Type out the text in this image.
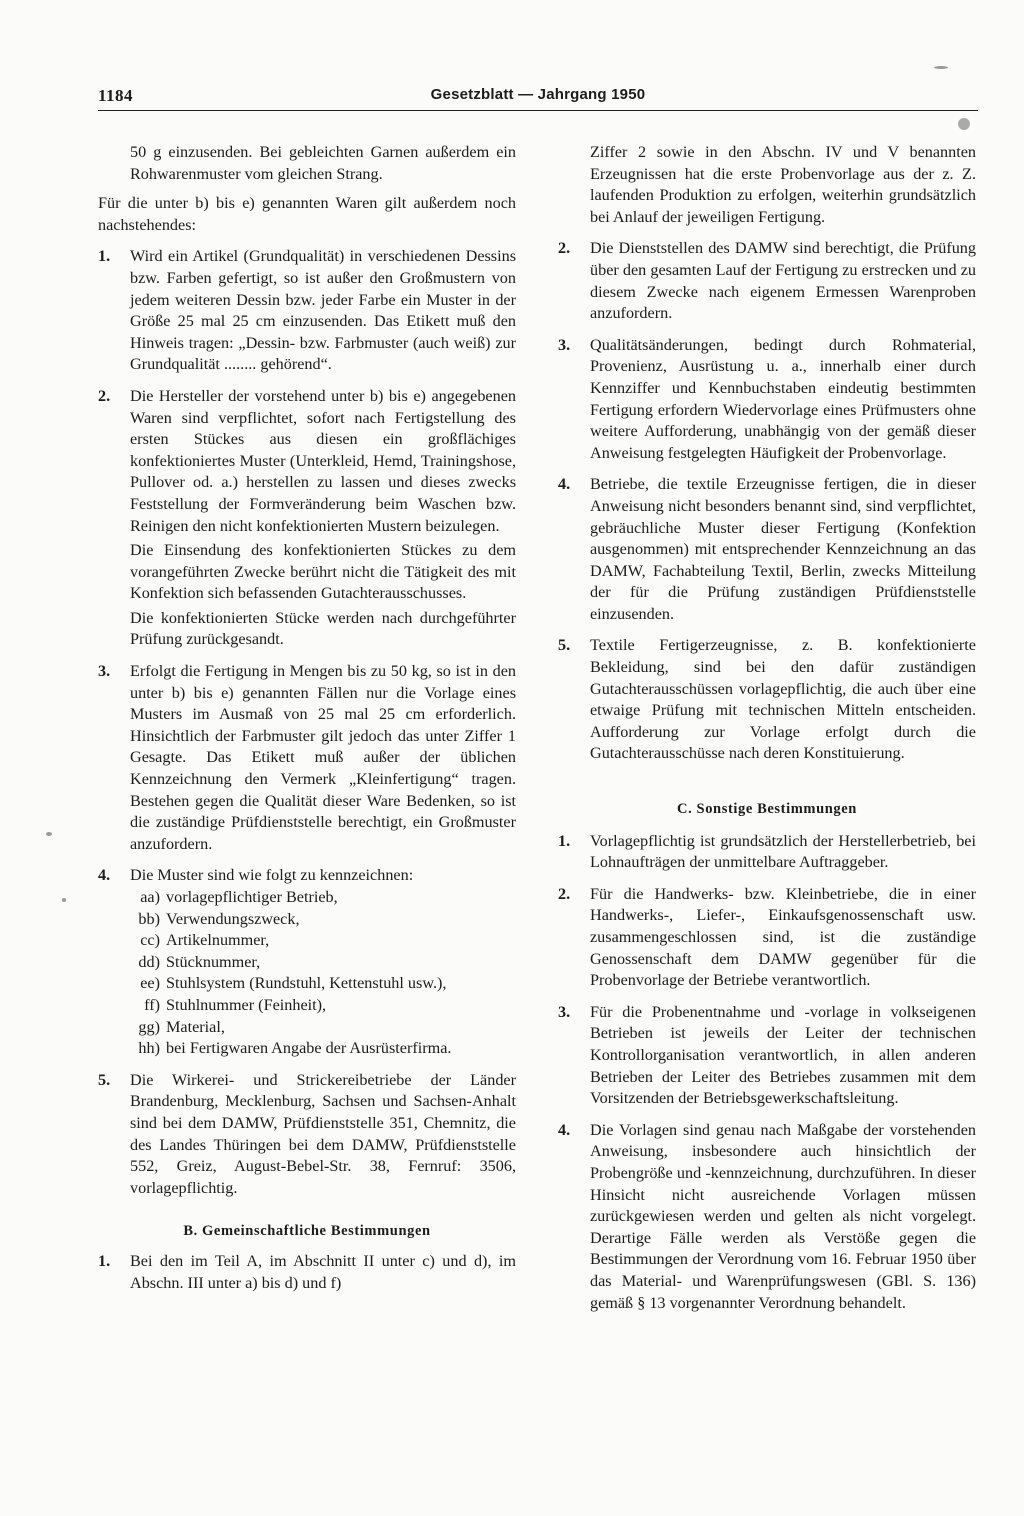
1184	Gesetzblatt — Jahrgang 1950

50 g einzusenden. Bei gebleichten Garnen außerdem ein Rohwarenmuster vom gleichen Strang.

Für die unter b) bis e) genannten Waren gilt außerdem noch nachstehendes:

1.	Wird ein Artikel (Grundqualität) in verschiedenen Dessins bzw. Farben gefertigt, so ist außer den Großmustern von jedem weiteren Dessin bzw. jeder Farbe ein Muster in der Größe 25 mal 25 cm einzusenden. Das Etikett muß den Hinweis tragen: „Dessin- bzw. Farbmuster (auch weiß) zur Grundqualität ........ gehörend“.

2.	Die Hersteller der vorstehend unter b) bis e) angegebenen Waren sind verpflichtet, sofort nach Fertigstellung des ersten Stückes aus diesen ein großflächiges konfektioniertes Muster (Unterkleid, Hemd, Trainingshose, Pullover od. a.) herstellen zu lassen und dieses zwecks Feststellung der Formveränderung beim Waschen bzw. Reinigen den nicht konfektionierten Mustern beizulegen.

Die Einsendung des konfektionierten Stückes zu dem vorangeführten Zwecke berührt nicht die Tätigkeit des mit Konfektion sich befassenden Gutachterausschusses.

Die konfektionierten Stücke werden nach durchgeführter Prüfung zurückgesandt.

3.	Erfolgt die Fertigung in Mengen bis zu 50 kg, so ist in den unter b) bis e) genannten Fällen nur die Vorlage eines Musters im Ausmaß von 25 mal 25 cm erforderlich. Hinsichtlich der Farbmuster gilt jedoch das unter Ziffer 1 Gesagte. Das Etikett muß außer der üblichen Kennzeichnung den Vermerk „Kleinfertigung“ tragen. Bestehen gegen die Qualität dieser Ware Bedenken, so ist die zuständige Prüfdienststelle berechtigt, ein Großmuster anzufordern.

4.	Die Muster sind wie folgt zu kennzeichnen:

aa) vorlagepflichtiger Betrieb,
bb) Verwendungszweck,
cc) Artikelnummer,
dd) Stücknummer,
ee) Stuhlsystem (Rundstuhl, Kettenstuhl usw.),
ff) Stuhlnummer (Feinheit),
gg) Material,
hh) bei Fertigwaren Angabe der Ausrüsterfirma.
5.	Die Wirkerei- und Strickereibetriebe der Länder Brandenburg, Mecklenburg, Sachsen und Sachsen-Anhalt sind bei dem DAMW, Prüfdienststelle 351, Chemnitz, die des Landes Thüringen bei dem DAMW, Prüfdienststelle 552, Greiz, August-Bebel-Str. 38, Fernruf: 3506, vorlagepflichtig.

B. Gemeinschaftliche Bestimmungen
1.	Bei den im Teil A, im Abschnitt II unter c) und d), im Abschn. III unter a) bis d) und f)

Ziffer 2 sowie in den Abschn. IV und V benannten Erzeugnissen hat die erste Probenvorlage aus der z. Z. laufenden Produktion zu erfolgen, weiterhin grundsätzlich bei Anlauf der jeweiligen Fertigung.

2.	Die Dienststellen des DAMW sind berechtigt, die Prüfung über den gesamten Lauf der Fertigung zu erstrecken und zu diesem Zwecke nach eigenem Ermessen Warenproben anzufordern.

3.	Qualitätsänderungen, bedingt durch Rohmaterial, Provenienz, Ausrüstung u. a., innerhalb einer durch Kennziffer und Kennbuchstaben eindeutig bestimmten Fertigung erfordern Wiedervorlage eines Prüfmusters ohne weitere Aufforderung, unabhängig von der gemäß dieser Anweisung festgelegten Häufigkeit der Probenvorlage.

4.	Betriebe, die textile Erzeugnisse fertigen, die in dieser Anweisung nicht besonders benannt sind, sind verpflichtet, gebräuchliche Muster dieser Fertigung (Konfektion ausgenommen) mit entsprechender Kennzeichnung an das DAMW, Fachabteilung Textil, Berlin, zwecks Mitteilung der für die Prüfung zuständigen Prüfdienststelle einzusenden.

5.	Textile Fertigerzeugnisse, z. B. konfektionierte Bekleidung, sind bei den dafür zuständigen Gutachterausschüssen vorlagepflichtig, die auch über eine etwaige Prüfung mit technischen Mitteln entscheiden. Aufforderung zur Vorlage erfolgt durch die Gutachterausschüsse nach deren Konstituierung.

C. Sonstige Bestimmungen
1.	Vorlagepflichtig ist grundsätzlich der Herstellerbetrieb, bei Lohnaufträgen der unmittelbare Auftraggeber.

2.	Für die Handwerks- bzw. Kleinbetriebe, die in einer Handwerks-, Liefer-, Einkaufsgenossenschaft usw. zusammengeschlossen sind, ist die zuständige Genossenschaft dem DAMW gegenüber für die Probenvorlage der Betriebe verantwortlich.

3.	Für die Probenentnahme und -vorlage in volkseigenen Betrieben ist jeweils der Leiter der technischen Kontrollorganisation verantwortlich, in allen anderen Betrieben der Leiter des Betriebes zusammen mit dem Vorsitzenden der Betriebsgewerkschaftsleitung.

4.	Die Vorlagen sind genau nach Maßgabe der vorstehenden Anweisung, insbesondere auch hinsichtlich der Probengröße und -kennzeichnung, durchzuführen. In dieser Hinsicht nicht ausreichende Vorlagen müssen zurückgewiesen werden und gelten als nicht vorgelegt. Derartige Fälle werden als Verstöße gegen die Bestimmungen der Verordnung vom 16. Februar 1950 über das Material- und Warenprüfungswesen (GBl. S. 136) gemäß § 13 vorgenannter Verordnung behandelt.
